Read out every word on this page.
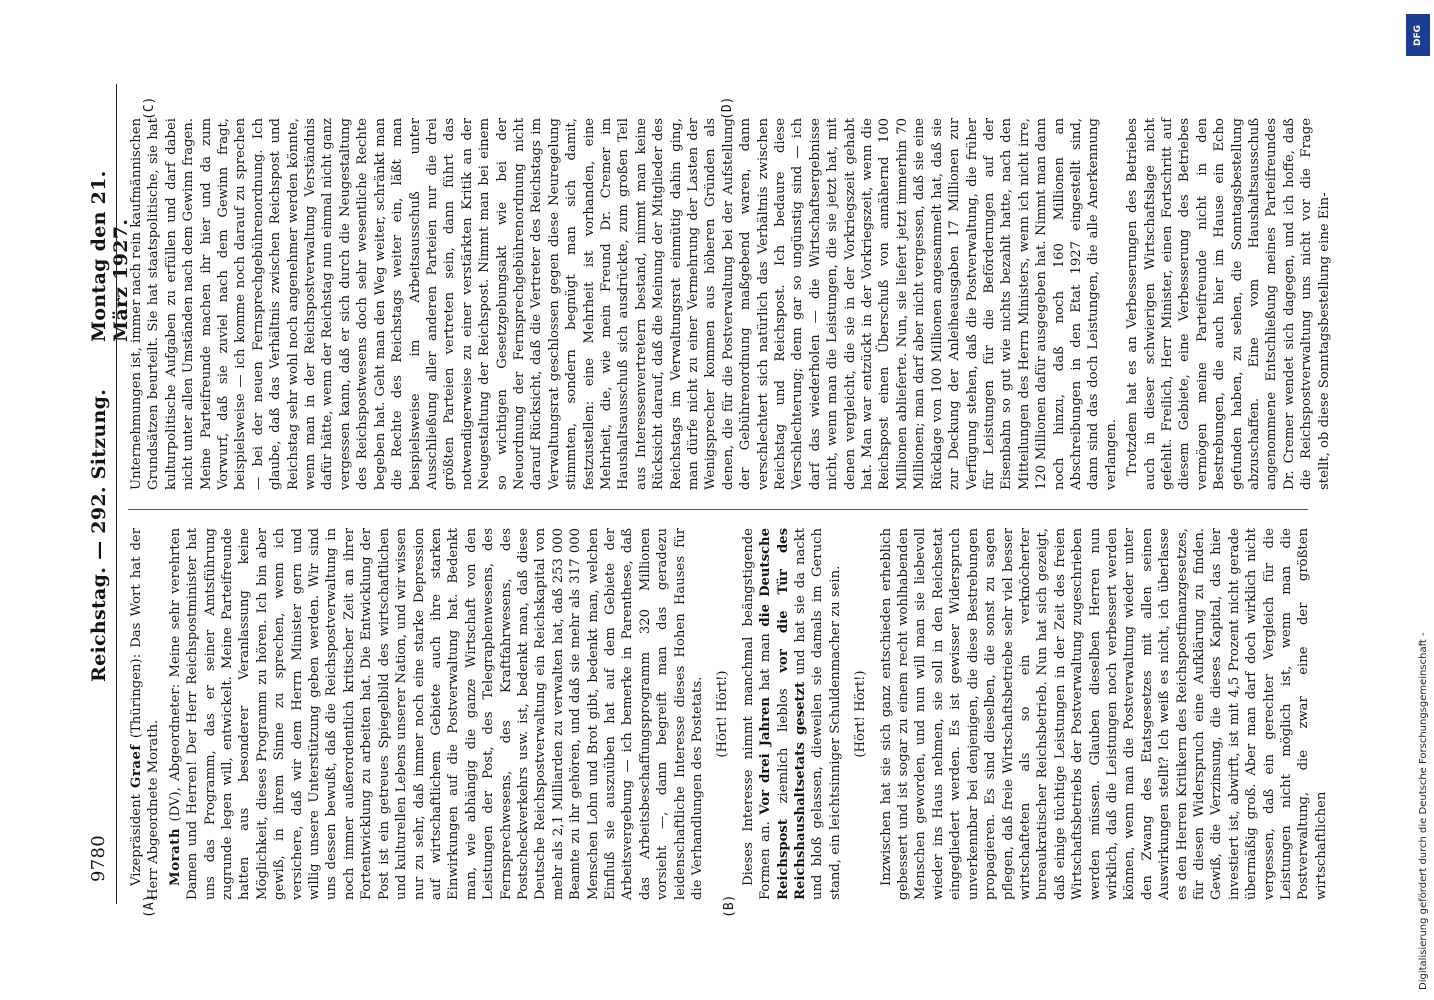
9780
Reichstag. — 292. Sitzung.
Montag den 21. März 1927.
(A)	(B)
(C)	(D)

Vizepräsident Graef (Thüringen): Das Wort hat der Herr Abgeordnete Morath. Morath (DV), Abgeordneter: Meine sehr verehrten Damen und Herren! Der Herr Reichspostminister hat uns das Programm, das er seiner Amtsführung zugrunde legen will, entwickelt. Meine Parteifreunde hatten aus besonderer Veranlassung keine Möglichkeit, dieses Programm zu hören. Ich bin aber gewiß, in ihrem Sinne zu sprechen, wenn ich versichere, daß wir dem Herrn Minister gern und willig unsere Unterstützung geben werden. Wir sind uns dessen bewußt, daß die Reichspostverwaltung in noch immer außerordentlich kritischer Zeit an ihrer Fortentwicklung zu arbeiten hat. Die Entwicklung der Post ist ein getreues Spiegelbild des wirtschaftlichen und kulturellen Lebens unserer Nation, und wir wissen nur zu sehr, daß immer noch eine starke Depression auf wirtschaftlichem Gebiete auch ihre starken Einwirkungen auf die Postverwaltung hat. Bedenkt man, wie abhängig die ganze Wirtschaft von den Leistungen der Post, des Telegraphenwesens, des Fernsprechwesens, des Kraftfahrwesens, des Postscheckverkehrs usw. ist, bedenkt man, daß diese Deutsche Reichspostverwaltung ein Reichskapital von mehr als 2,1 Milliarden zu verwalten hat, daß 253 000 Beamte zu ihr gehören, und daß sie mehr als 317 000 Menschen Lohn und Brot gibt, bedenkt man, welchen Einfluß sie auszuüben hat auf dem Gebiete der Arbeitsvergebung — ich bemerke in Parenthese, daß das Arbeitsbeschaffungsprogramm 320 Millionen vorsieht —, dann begreift man das geradezu leidenschaftliche Interesse dieses Hohen Hauses für die Verhandlungen des Postetats. (Hört! Hört!) Dieses Interesse nimmt manchmal beängstigende Formen an. Vor drei Jahren hat man die Deutsche Reichspost ziemlich lieblos vor die Tür des Reichshaushaltsetats gesetzt und hat sie da nackt und bloß gelassen, dieweilen sie damals im Geruch stand, ein leichtsinniger Schuldenmacher zu sein. (Hört! Hört!) Inzwischen hat sie sich ganz entschieden erheblich gebessert und ist sogar zu einem recht wohlhabenden Menschen geworden, und nun will man sie liebevoll wieder ins Haus nehmen, sie soll in den Reichsetat eingegliedert werden. Es ist gewisser Widerspruch unverkennbar bei denjenigen, die diese Bestrebungen propagieren. Es sind dieselben, die sonst zu sagen pflegen, daß freie Wirtschaftsbetriebe sehr viel besser wirtschafteten als so ein verknöcherter bureaukratischer Reichsbetrieb. Nun hat sich gezeigt, daß einige tüchtige Leistungen in der Zeit des freien Wirtschaftsbetriebs der Postverwaltung zugeschrieben werden müssen. Glauben dieselben Herren nun wirklich, daß die Leistungen noch verbessert werden können, wenn man die Postverwaltung wieder unter den Zwang des Etatsgesetzes mit allen seinen Auswirkungen stellt? Ich weiß es nicht, ich überlasse es den Herren Kritikern des Reichspostfinanzgesetzes, für diesen Widerspruch eine Aufklärung zu finden. Gewiß, die Verzinsung, die dieses Kapital, das hier investiert ist, abwirft, ist mit 4,5 Prozent nicht gerade übermäßig groß. Aber man darf doch wirklich nicht vergessen, daß ein gerechter Vergleich für die Leistungen nicht möglich ist, wenn man die Postverwaltung, die zwar eine der größten wirtschaftlichen

Unternehmungen ist, immer nach rein kaufmännischen Grundsätzen beurteilt. Sie hat staatspolitische, sie hat kulturpolitische Aufgaben zu erfüllen und darf dabei nicht unter allen Umständen nach dem Gewinn fragen. Meine Parteifreunde machen ihr hier und da zum Vorwurf, daß sie zuviel nach dem Gewinn fragt, beispielsweise — ich komme noch darauf zu sprechen — bei der neuen Fernsprechgebührenordnung. Ich glaube, daß das Verhältnis zwischen Reichspost und Reichstag sehr wohl noch angenehmer werden könnte, wenn man in der Reichspostverwaltung Verständnis dafür hätte, wenn der Reichstag nun einmal nicht ganz vergessen kann, daß er sich durch die Neugestaltung des Reichspostwesens doch sehr wesentliche Rechte begeben hat. Geht man den Weg weiter, schränkt man die Rechte des Reichstags weiter ein, läßt man beispielsweise im Arbeitsausschuß unter Ausschließung aller anderen Parteien nur die drei größten Parteien vertreten sein, dann führt das notwendigerweise zu einer verstärkten Kritik an der Neugestaltung der Reichspost. Nimmt man bei einem so wichtigen Gesetzgebungsakt wie bei der Neuordnung der Fernsprechgebührenordnung nicht darauf Rücksicht, daß die Vertreter des Reichstags im Verwaltungsrat geschlossen gegen diese Neuregelung stimmten, sondern begnügt man sich damit, festzustellen: eine Mehrheit ist vorhanden, eine Mehrheit, die, wie mein Freund Dr. Cremer im Haushaltsausschuß sich ausdrückte, zum großen Teil aus Interessenvertretern bestand, nimmt man keine Rücksicht darauf, daß die Meinung der Mitglieder des Reichstags im Verwaltungsrat einmütig dahin ging, man dürfe nicht zu einer Vermehrung der Lasten der Wenigsprecher kommen aus höheren Gründen als denen, die für die Postverwaltung bei der Aufstellung der Gebührenordnung maßgebend waren, dann verschlechtert sich natürlich das Verhältnis zwischen Reichstag und Reichspost. Ich bedaure diese Verschlechterung; denn gar so ungünstig sind — ich darf das wiederholen — die Wirtschaftsergebnisse nicht, wenn man die Leistungen, die sie jetzt hat, mit denen vergleicht, die sie in der Vorkriegszeit gehabt hat. Man war entzückt in der Vorkriegszeit, wenn die Reichspost einen Überschuß von annähernd 100 Millionen ablieferte. Nun, sie liefert jetzt immerhin 70 Millionen; man darf aber nicht vergessen, daß sie eine Rücklage von 100 Millionen angesammelt hat, daß sie zur Deckung der Anleiheausgaben 17 Millionen zur Verfügung stehen, daß die Postverwaltung, die früher für Leistungen für die Beförderungen auf der Eisenbahn so gut wie nichts bezahlt hatte, nach den Mitteilungen des Herrn Ministers, wenn ich nicht irre, 120 Millionen dafür ausgegeben hat. Nimmt man dann noch hinzu, daß noch 160 Millionen an Abschreibungen in den Etat 1927 eingestellt sind, dann sind das doch Leistungen, die alle Anerkennung verlangen. Trotzdem hat es an Verbesserungen des Betriebes auch in dieser schwierigen Wirtschaftslage nicht gefehlt. Freilich, Herr Minister, einen Fortschritt auf diesem Gebiete, eine Verbesserung des Betriebes vermögen meine Parteifreunde nicht in den Bestrebungen, die auch hier im Hause ein Echo gefunden haben, zu sehen, die Sonntagsbestellung abzuschaffen. Eine vom Haushaltsausschuß angenommene Entschließung meines Parteifreundes Dr. Cremer wendet sich dagegen, und ich hoffe, daß die Reichspostverwaltung uns nicht vor die Frage stellt, ob diese Sonntagsbestellung eine Ein-

DFG
Digitalisierung gefördert durch die Deutsche Forschungsgemeinschaft -
